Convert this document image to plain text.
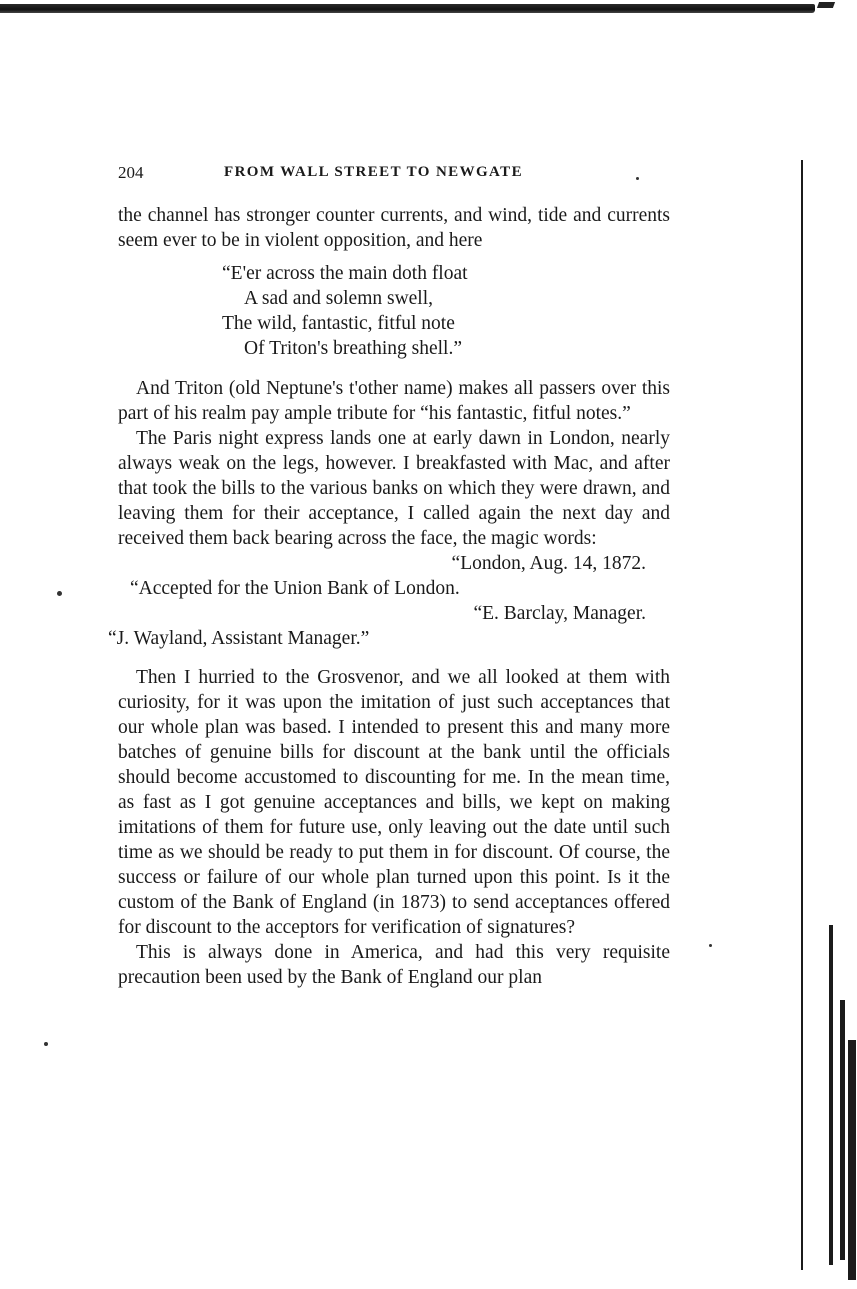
204	FROM WALL STREET TO NEWGATE

the channel has stronger counter currents, and wind, tide and currents seem ever to be in violent opposition, and here

“E'er across the main doth float
A sad and solemn swell,
The wild, fantastic, fitful note
Of Triton's breathing shell.”

And Triton (old Neptune's t'other name) makes all passers over this part of his realm pay ample tribute for “his fantastic, fitful notes.”

The Paris night express lands one at early dawn in London, nearly always weak on the legs, however. I breakfasted with Mac, and after that took the bills to the various banks on which they were drawn, and leaving them for their acceptance, I called again the next day and received them back bearing across the face, the magic words:

“London, Aug. 14, 1872.
“Accepted for the Union Bank of London.
“E. Barclay, Manager.
“J. Wayland, Assistant Manager.”

Then I hurried to the Grosvenor, and we all looked at them with curiosity, for it was upon the imitation of just such acceptances that our whole plan was based. I intended to present this and many more batches of genuine bills for discount at the bank until the officials should become accustomed to discounting for me. In the mean time, as fast as I got genuine acceptances and bills, we kept on making imitations of them for future use, only leaving out the date until such time as we should be ready to put them in for discount. Of course, the success or failure of our whole plan turned upon this point. Is it the custom of the Bank of England (in 1873) to send acceptances offered for discount to the acceptors for verification of signatures?

This is always done in America, and had this very requisite precaution been used by the Bank of England our plan
